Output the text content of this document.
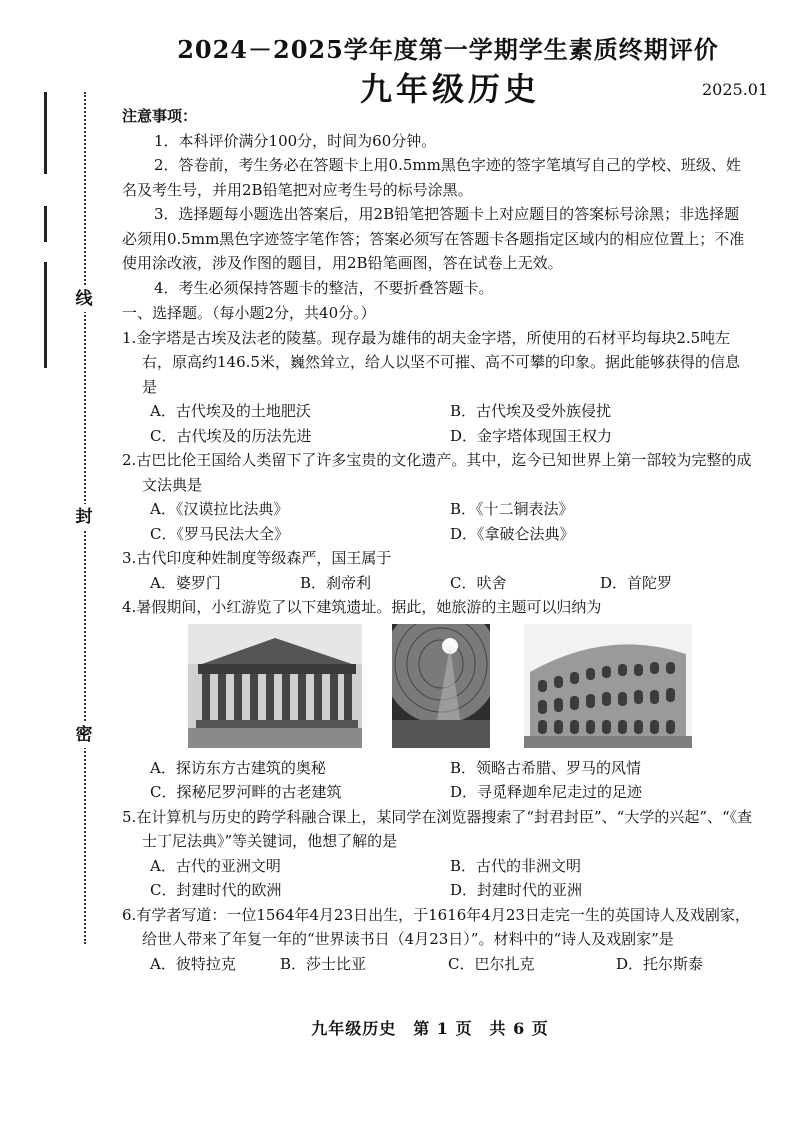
线
封
密
2024－2025学年度第一学期学生素质终期评价
九年级历史	2025.01
注意事项：
1．本科评价满分100分，时间为60分钟。
2．答卷前，考生务必在答题卡上用0.5mm黑色字迹的签字笔填写自己的学校、班级、姓名及考生号，并用2B铅笔把对应考生号的标号涂黑。
3．选择题每小题选出答案后，用2B铅笔把答题卡上对应题目的答案标号涂黑；非选择题必须用0.5mm黑色字迹签字笔作答；答案必须写在答题卡各题指定区域内的相应位置上；不准使用涂改液，涉及作图的题目，用2B铅笔画图，答在试卷上无效。
4．考生必须保持答题卡的整洁，不要折叠答题卡。
一、选择题。（每小题2分，共40分。）
1.金字塔是古埃及法老的陵墓。现存最为雄伟的胡夫金字塔，所使用的石材平均每块2.5吨左右，原高约146.5米，巍然耸立，给人以坚不可摧、高不可攀的印象。据此能够获得的信息是
A．古代埃及的土地肥沃	B．古代埃及受外族侵扰
C．古代埃及的历法先进	D．金字塔体现国王权力
2.古巴比伦王国给人类留下了许多宝贵的文化遗产。其中，迄今已知世界上第一部较为完整的成文法典是
A．《汉谟拉比法典》	B．《十二铜表法》
C．《罗马民法大全》	D．《拿破仑法典》
3.古代印度种姓制度等级森严，国王属于
A．婆罗门	B．刹帝利	C．吠舍	D．首陀罗
4.暑假期间，小红游览了以下建筑遗址。据此，她旅游的主题可以归纳为
A．探访东方古建筑的奥秘	B．领略古希腊、罗马的风情
C．探秘尼罗河畔的古老建筑	D．寻觅释迦牟尼走过的足迹
5.在计算机与历史的跨学科融合课上，某同学在浏览器搜索了“封君封臣”、“大学的兴起”、“《查士丁尼法典》”等关键词，他想了解的是
A．古代的亚洲文明	B．古代的非洲文明
C．封建时代的欧洲	D．封建时代的亚洲
6.有学者写道：一位1564年4月23日出生，于1616年4月23日走完一生的英国诗人及戏剧家，给世人带来了年复一年的“世界读书日（4月23日）”。材料中的“诗人及戏剧家”是
A．彼特拉克	B．莎士比亚	C．巴尔扎克	D．托尔斯泰
九年级历史　第 1 页　共 6 页
